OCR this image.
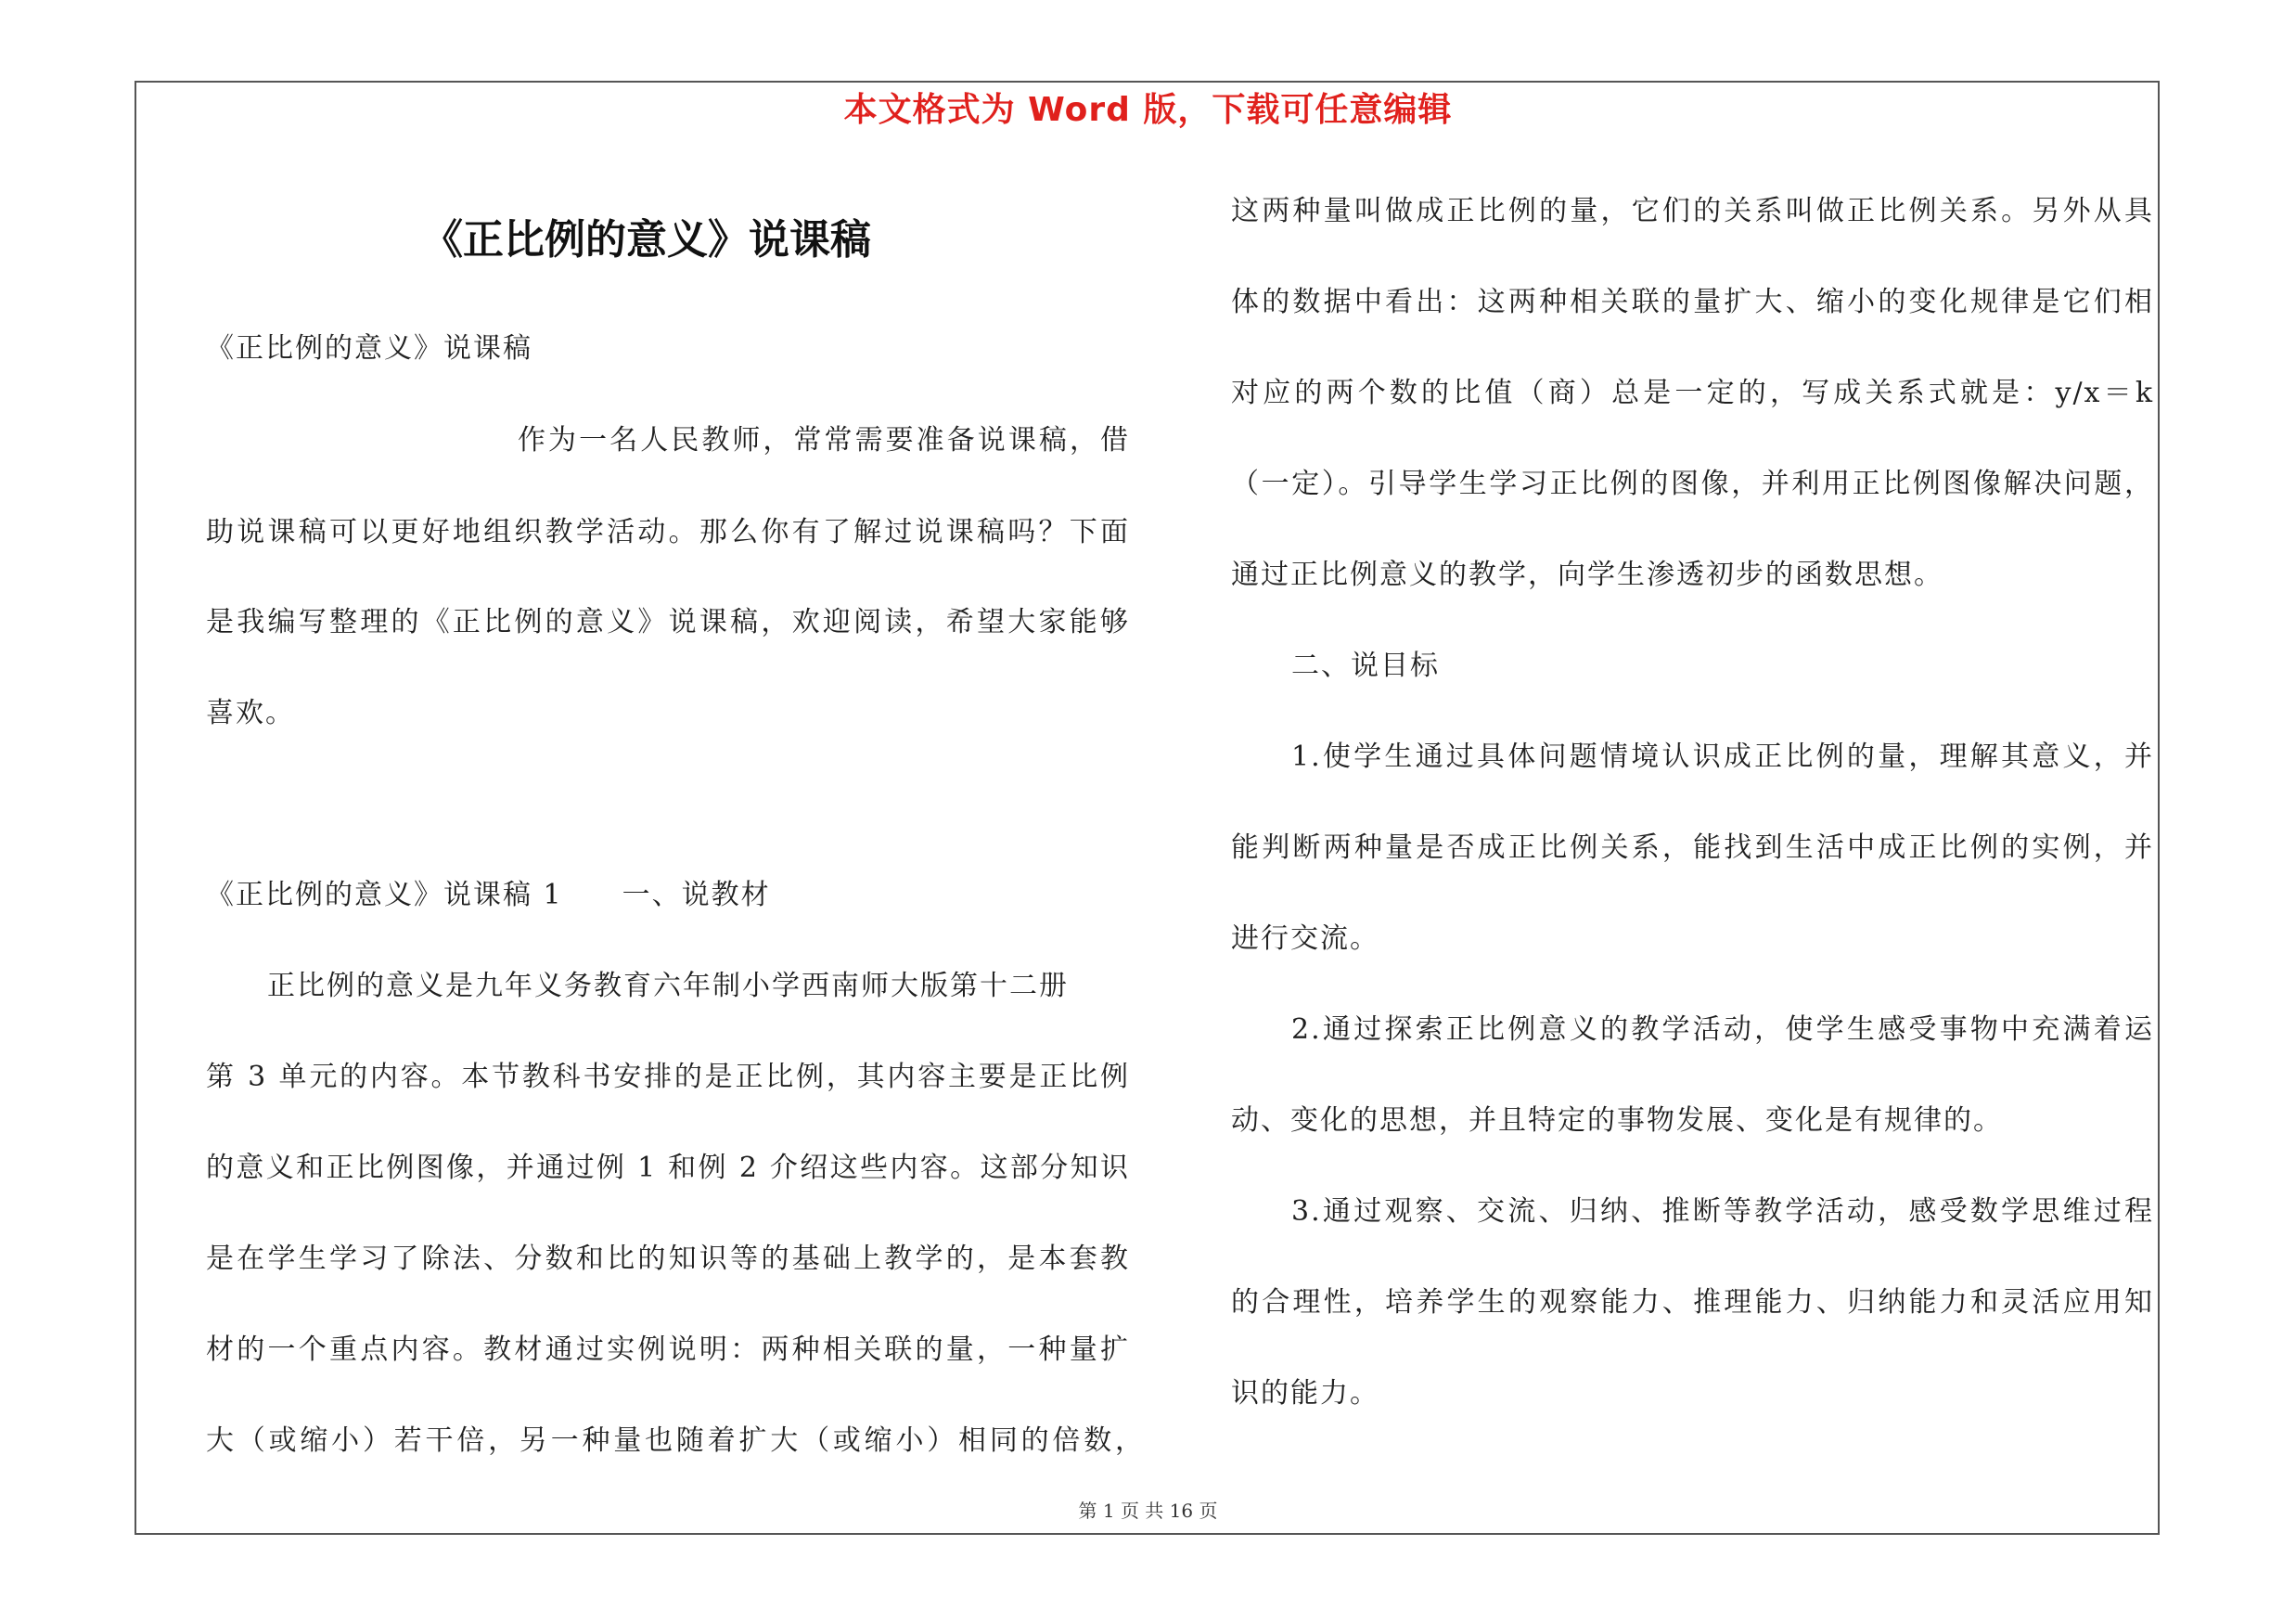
本文格式为 Word 版，下载可任意编辑
《正比例的意义》说课稿
《正比例的意义》说课稿
作为一名人民教师，常常需要准备说课稿，借
助说课稿可以更好地组织教学活动。那么你有了解过说课稿吗？下面
是我编写整理的《正比例的意义》说课稿，欢迎阅读，希望大家能够
喜欢。
《正比例的意义》说课稿 1　　一、说教材
正比例的意义是九年义务教育六年制小学西南师大版第十二册
第 3 单元的内容。本节教科书安排的是正比例，其内容主要是正比例
的意义和正比例图像，并通过例 1 和例 2 介绍这些内容。这部分知识
是在学生学习了除法、分数和比的知识等的基础上教学的，是本套教
材的一个重点内容。教材通过实例说明：两种相关联的量，一种量扩
大（或缩小）若干倍，另一种量也随着扩大（或缩小）相同的倍数，
这两种量叫做成正比例的量，它们的关系叫做正比例关系。另外从具
体的数据中看出：这两种相关联的量扩大、缩小的变化规律是它们相
对应的两个数的比值（商）总是一定的，写成关系式就是：y/x＝k
（一定）。引导学生学习正比例的图像，并利用正比例图像解决问题，
通过正比例意义的教学，向学生渗透初步的函数思想。
二、说目标
1.使学生通过具体问题情境认识成正比例的量，理解其意义，并
能判断两种量是否成正比例关系，能找到生活中成正比例的实例，并
进行交流。
2.通过探索正比例意义的教学活动，使学生感受事物中充满着运
动、变化的思想，并且特定的事物发展、变化是有规律的。
3.通过观察、交流、归纳、推断等教学活动，感受数学思维过程
的合理性，培养学生的观察能力、推理能力、归纳能力和灵活应用知
识的能力。
第 1 页 共 16 页
